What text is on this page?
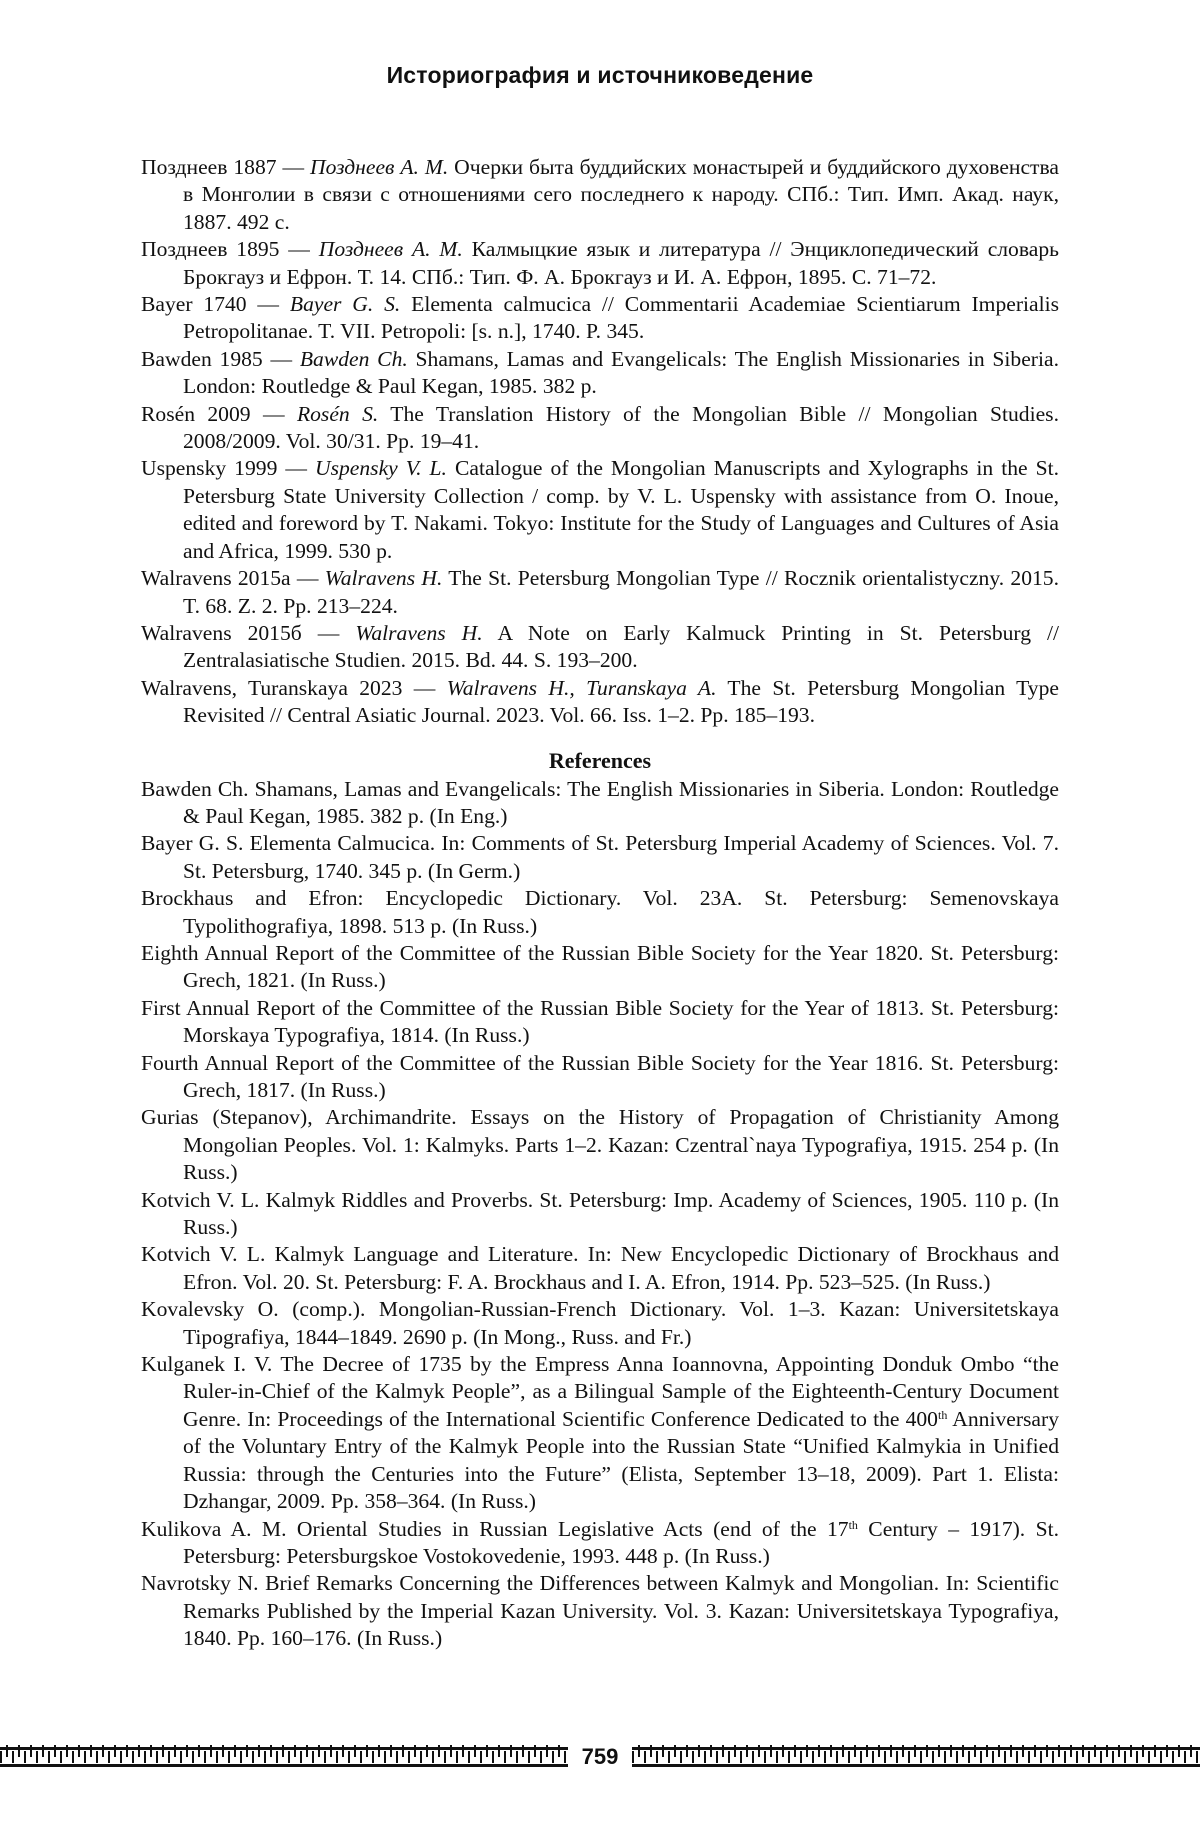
Историография и источниковедение

Позднеев 1887 — Позднеев А. М. Очерки быта буддийских монастырей и буддийского духовенства в Монголии в связи с отношениями сего последнего к народу. СПб.: Тип. Имп. Акад. наук, 1887. 492 с.

Позднеев 1895 — Позднеев А. М. Калмыцкие язык и литература // Энциклопедический словарь Брокгауз и Ефрон. Т. 14. СПб.: Тип. Ф. А. Брокгауз и И. А. Ефрон, 1895. С. 71–72.

Bayer 1740 — Bayer G. S. Elementa calmucica // Commentarii Academiae Scientiarum Imperialis Petropolitanae. T. VII. Petropoli: [s. n.], 1740. P. 345.

Bawden 1985 — Bawden Ch. Shamans, Lamas and Evangelicals: The English Missionaries in Siberia. London: Routledge & Paul Kegan, 1985. 382 p.

Rosén 2009 — Rosén S. The Translation History of the Mongolian Bible // Mongolian Studies. 2008/2009. Vol. 30/31. Pp. 19–41.

Uspensky 1999 — Uspensky V. L. Catalogue of the Mongolian Manuscripts and Xylographs in the St. Petersburg State University Collection / comp. by V. L. Uspensky with assistance from O. Inoue, edited and foreword by T. Nakami. Tokyo: Institute for the Study of Languages and Cultures of Asia and Africa, 1999. 530 p.

Walravens 2015a — Walravens H. The St. Petersburg Mongolian Type // Rocznik orientalistyczny. 2015. T. 68. Z. 2. Pp. 213–224.

Walravens 2015б — Walravens H. A Note on Early Kalmuck Printing in St. Petersburg // Zentralasiatische Studien. 2015. Bd. 44. S. 193–200.

Walravens, Turanskaya 2023 — Walravens H., Turanskaya A. The St. Petersburg Mongolian Type Revisited // Central Asiatic Journal. 2023. Vol. 66. Iss. 1–2. Pp. 185–193.

References

Bawden Ch. Shamans, Lamas and Evangelicals: The English Missionaries in Siberia. London: Routledge & Paul Kegan, 1985. 382 p. (In Eng.)

Bayer G. S. Elementa Calmucica. In: Comments of St. Petersburg Imperial Academy of Sciences. Vol. 7. St. Petersburg, 1740. 345 p. (In Germ.)

Brockhaus and Efron: Encyclopedic Dictionary. Vol. 23A. St. Petersburg: Semenovskaya Typolithografiya, 1898. 513 p. (In Russ.)

Eighth Annual Report of the Committee of the Russian Bible Society for the Year 1820. St. Petersburg: Grech, 1821. (In Russ.)

First Annual Report of the Committee of the Russian Bible Society for the Year of 1813. St. Petersburg: Morskaya Typografiya, 1814. (In Russ.)

Fourth Annual Report of the Committee of the Russian Bible Society for the Year 1816. St. Petersburg: Grech, 1817. (In Russ.)

Gurias (Stepanov), Archimandrite. Essays on the History of Propagation of Christianity Among Mongolian Peoples. Vol. 1: Kalmyks. Parts 1–2. Kazan: Czentral`naya Typografiya, 1915. 254 p. (In Russ.)

Kotvich V. L. Kalmyk Riddles and Proverbs. St. Petersburg: Imp. Academy of Sciences, 1905. 110 p. (In Russ.)

Kotvich V. L. Kalmyk Language and Literature. In: New Encyclopedic Dictionary of Brockhaus and Efron. Vol. 20. St. Petersburg: F. A. Brockhaus and I. A. Efron, 1914. Pp. 523–525. (In Russ.)

Kovalevsky O. (comp.). Mongolian-Russian-French Dictionary. Vol. 1–3. Kazan: Universitetskaya Tipografiya, 1844–1849. 2690 p. (In Mong., Russ. and Fr.)

Kulganek I. V. The Decree of 1735 by the Empress Anna Ioannovna, Appointing Donduk Ombo “the Ruler-in-Chief of the Kalmyk People”, as a Bilingual Sample of the Eighteenth-Century Document Genre. In: Proceedings of the International Scientific Conference Dedicated to the 400th Anniversary of the Voluntary Entry of the Kalmyk People into the Russian State “Unified Kalmykia in Unified Russia: through the Centuries into the Future” (Elista, September 13–18, 2009). Part 1. Elista: Dzhangar, 2009. Pp. 358–364. (In Russ.)

Kulikova A. M. Oriental Studies in Russian Legislative Acts (end of the 17th Century – 1917). St. Petersburg: Petersburgskoe Vostokovedenie, 1993. 448 p. (In Russ.)

Navrotsky N. Brief Remarks Concerning the Differences between Kalmyk and Mongolian. In: Scientific Remarks Published by the Imperial Kazan University. Vol. 3. Kazan: Universitetskaya Typografiya, 1840. Pp. 160–176. (In Russ.)

759
